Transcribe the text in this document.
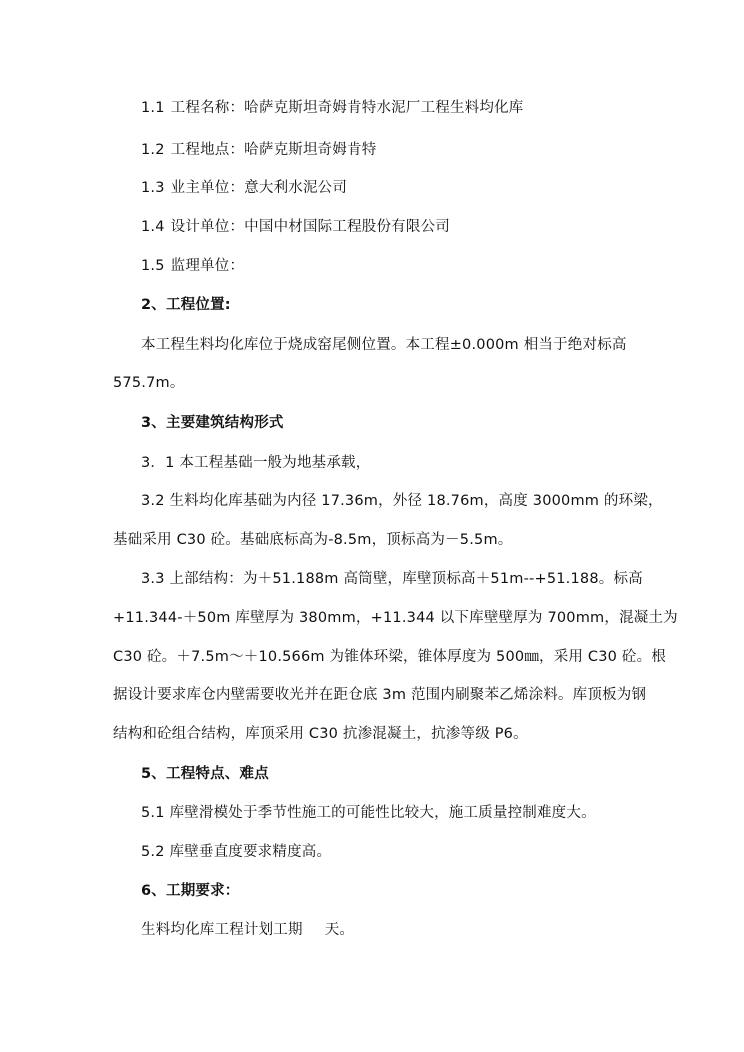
1.1 工程名称：哈萨克斯坦奇姆肯特水泥厂工程生料均化库
1.2 工程地点：哈萨克斯坦奇姆肯特
1.3 业主单位：意大利水泥公司
1.4 设计单位：中国中材国际工程股份有限公司
1.5 监理单位：
2、工程位置:
本工程生料均化库位于烧成窑尾侧位置。本工程±0.000m 相当于绝对标高
575.7m。
3、主要建筑结构形式
3．1 本工程基础一般为地基承载，
3.2 生料均化库基础为内径 17.36m，外径 18.76m，高度 3000mm 的环梁，
基础采用 C30 砼。基础底标高为-8.5m，顶标高为－5.5m。
3.3 上部结构：为＋51.188m 高筒壁，库壁顶标高＋51m--+51.188。标高
+11.344-＋50m 库壁厚为 380mm，+11.344 以下库壁壁厚为 700mm，混凝土为
C30 砼。＋7.5m～＋10.566m 为锥体环梁，锥体厚度为 500㎜，采用 C30 砼。根
据设计要求库仓内壁需要收光并在距仓底 3m 范围内刷聚苯乙烯涂料。库顶板为钢
结构和砼组合结构，库顶采用 C30 抗渗混凝土，抗渗等级 P6。
5、工程特点、难点
5.1 库壁滑模处于季节性施工的可能性比较大，施工质量控制难度大。
5.2 库壁垂直度要求精度高。
6、工期要求：
生料均化库工程计划工期 天。
